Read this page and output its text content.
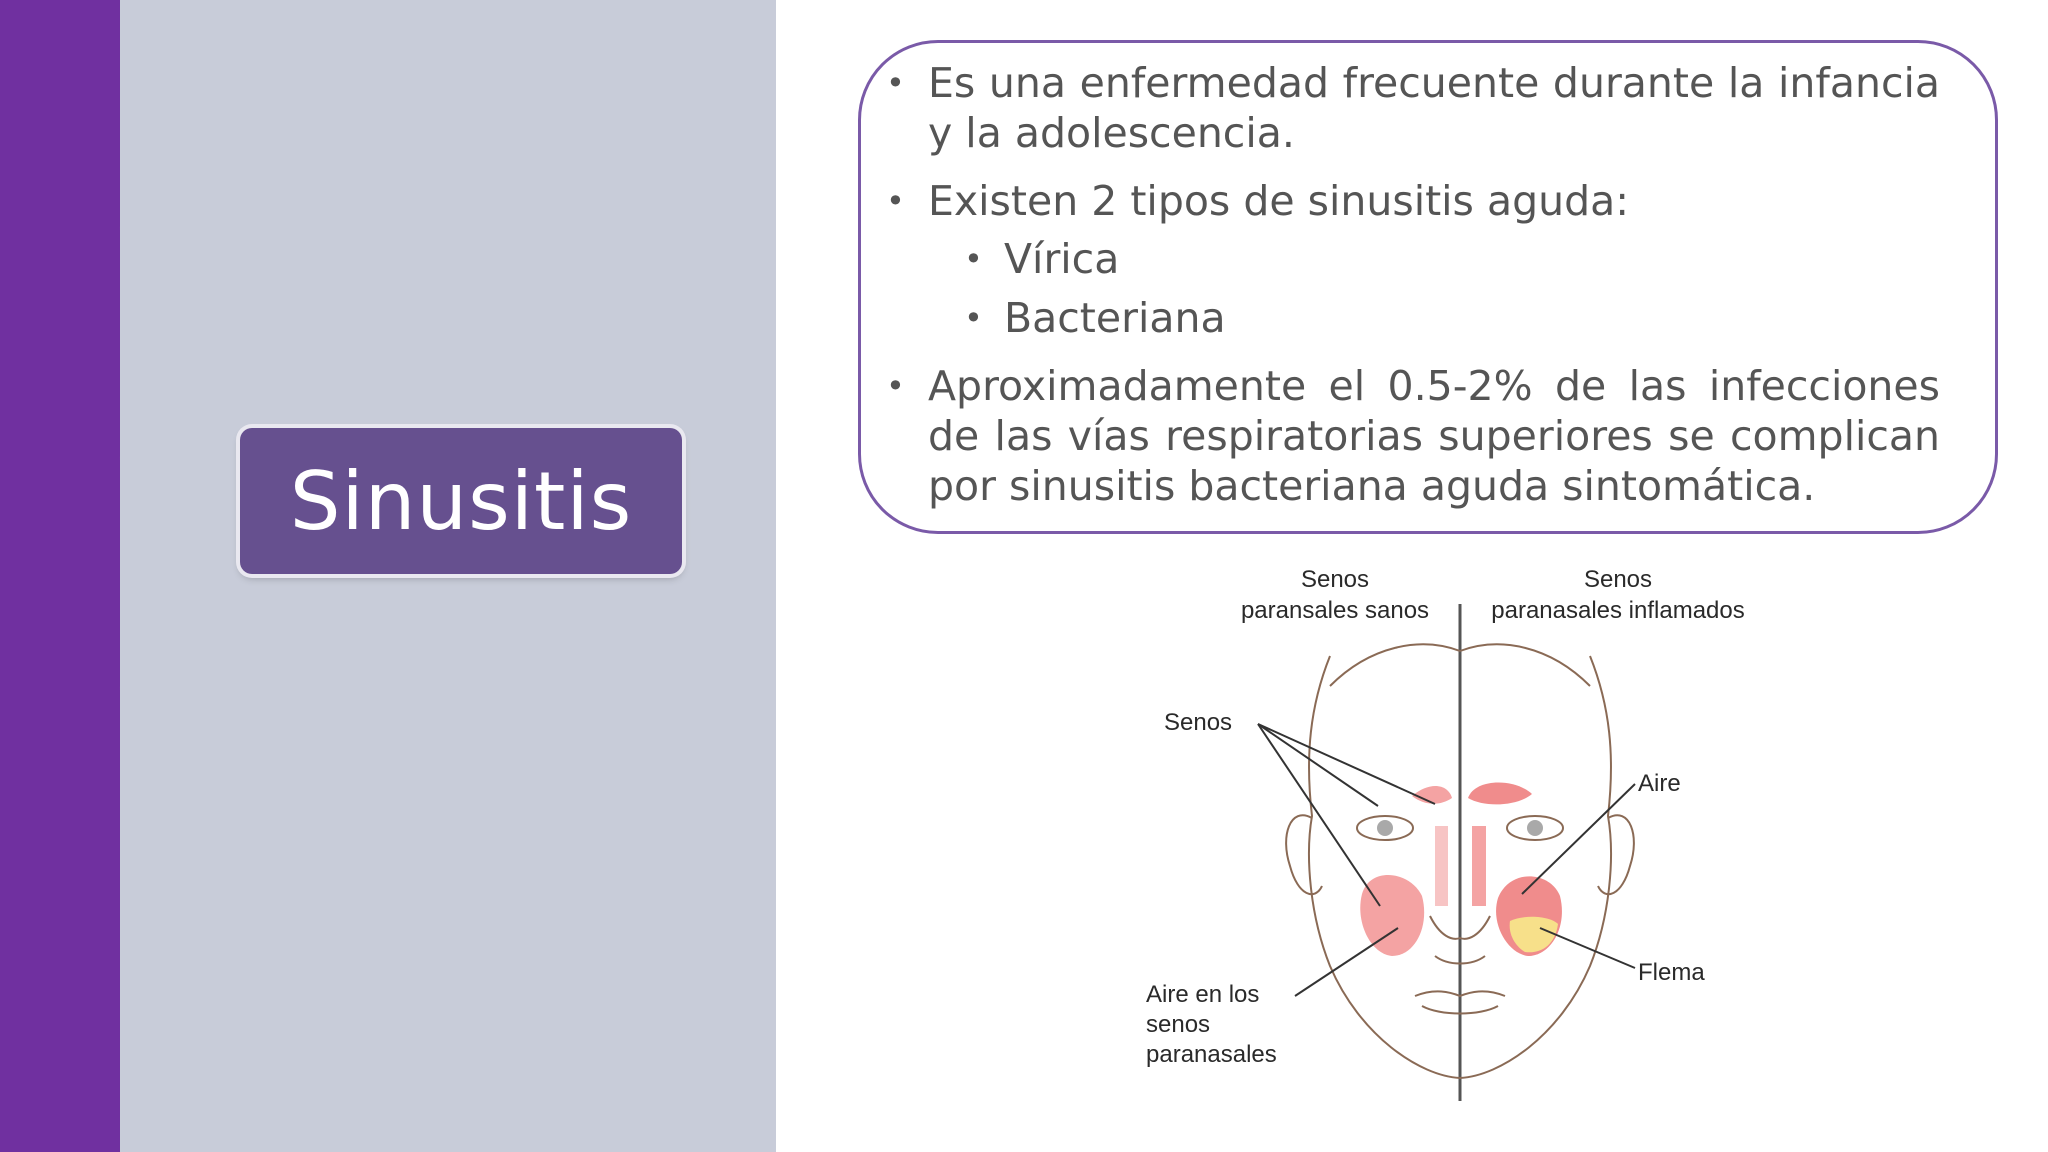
Sinusitis
• Es una enfermedad frecuente durante la infancia y la adolescencia.
• Existen 2 tipos de sinusitis aguda:
• Vírica
• Bacteriana
• Aproximadamente el 0.5-2% de las infecciones de las vías respiratorias superiores se complican por sinusitis bacteriana aguda sintomática.
Senos
paransales sanos
Senos
paranasales inflamados
Senos
Aire
Flema
Aire en los
senos
paranasales
